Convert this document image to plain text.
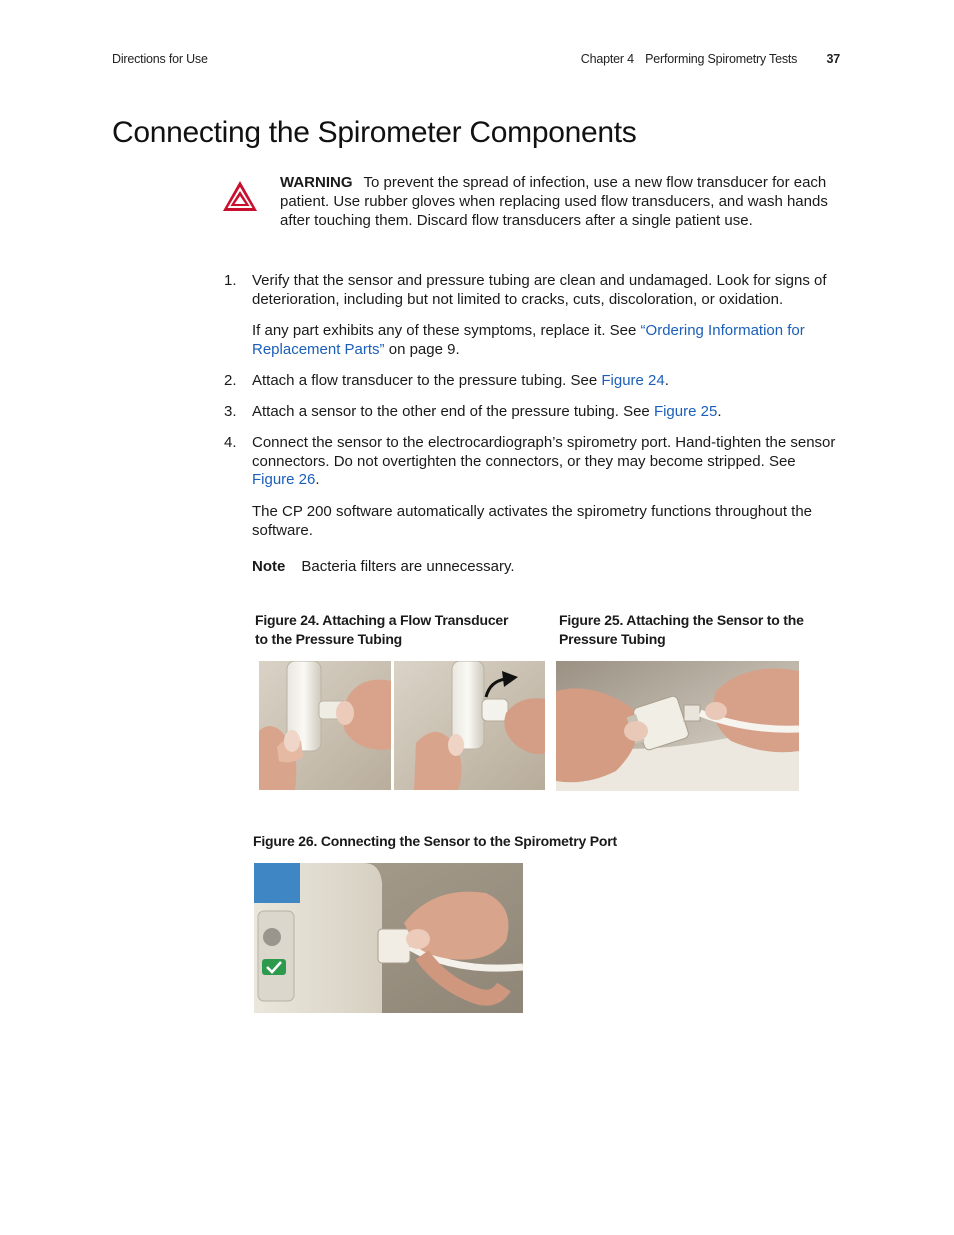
Directions for Use	Chapter 4 Performing Spirometry Tests 37
Connecting the Spirometer Components
WARNING To prevent the spread of infection, use a new flow transducer for each patient. Use rubber gloves when replacing used flow transducers, and wash hands after touching them. Discard flow transducers after a single patient use.
1. Verify that the sensor and pressure tubing are clean and undamaged. Look for signs of deterioration, including but not limited to cracks, cuts, discoloration, or oxidation.
If any part exhibits any of these symptoms, replace it. See “Ordering Information for Replacement Parts” on page 9.
2. Attach a flow transducer to the pressure tubing. See Figure 24.
3. Attach a sensor to the other end of the pressure tubing. See Figure 25.
4. Connect the sensor to the electrocardiograph’s spirometry port. Hand-tighten the sensor connectors. Do not overtighten the connectors, or they may become stripped. See Figure 26.
The CP 200 software automatically activates the spirometry functions throughout the software.
Note Bacteria filters are unnecessary.
Figure 24. Attaching a Flow Transducer
to the Pressure Tubing
Figure 25. Attaching the Sensor to the
Pressure Tubing
Figure 26. Connecting the Sensor to the Spirometry Port
